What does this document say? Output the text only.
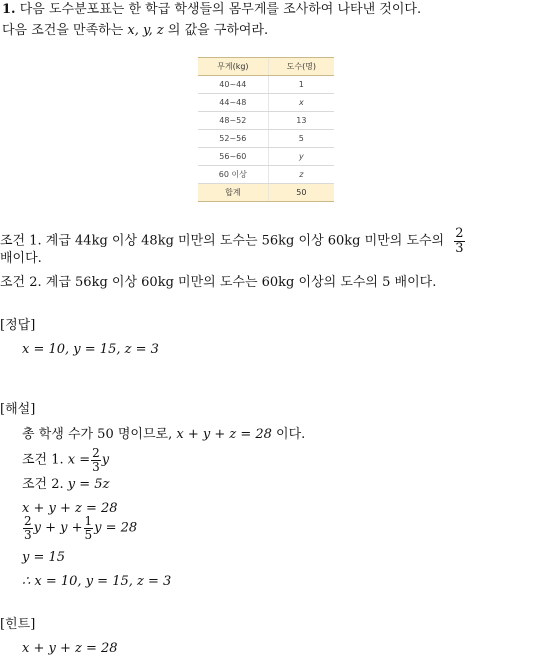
1. 다음 도수분포표는 한 학급 학생들의 몸무게를 조사하여 나타낸 것이다.
다음 조건을 만족하는 x, y, z 의 값을 구하여라.
무게(kg)	도수(명)
40~44	1
44~48	x
48~52	13
52~56	5
56~60	y
60 이상	z
합계	50
조건 1. 계급 44kg 이상 48kg 미만의 도수는 56kg 이상 60kg 미만의 도수의 $\frac{2}{3}$
배이다.
조건 2. 계급 56kg 이상 60kg 미만의 도수는 60kg 이상의 도수의 5 배이다.
[정답]
x = 10, y = 15, z = 3
[해설]
총 학생 수가 50 명이므로, x + y + z = 28 이다.
조건 1. $x = \frac{2}{3}$ y
조건 2. y = 5z
x + y + z = 28
$\frac{2}{3}$ $y + y + \frac{1}{5}$ y = 28
y = 15
∴ x = 10, y = 15, z = 3
[힌트]
x + y + z = 28
